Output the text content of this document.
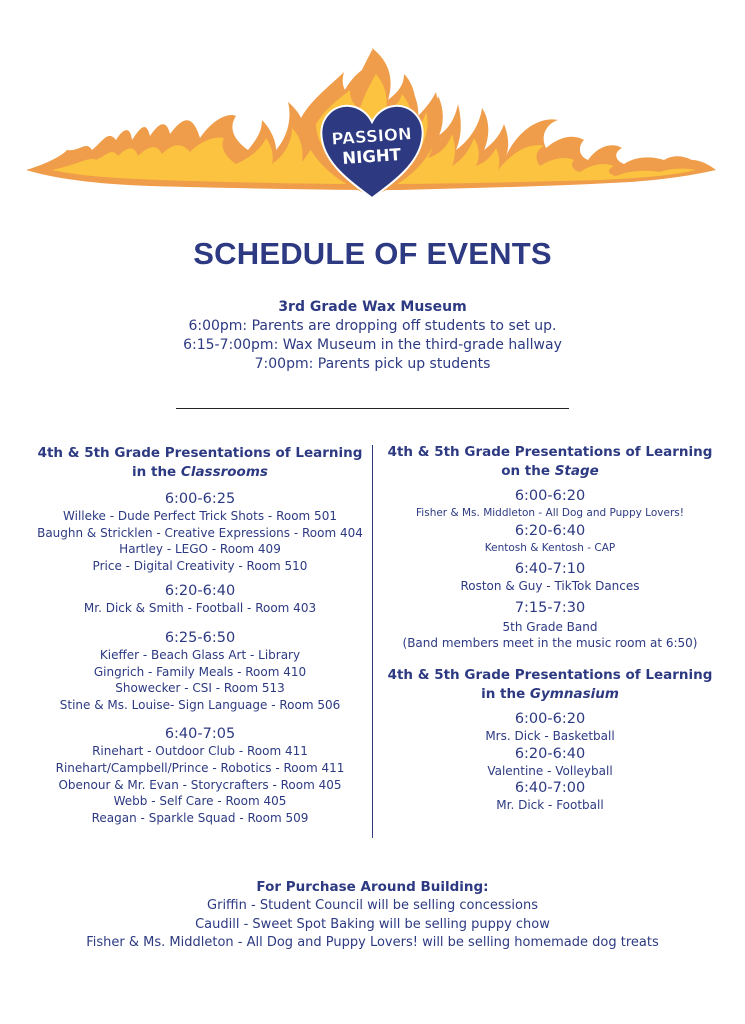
PASSION
NIGHT
SCHEDULE OF EVENTS
3rd Grade Wax Museum
6:00pm: Parents are dropping off students to set up.
6:15-7:00pm: Wax Museum in the third-grade hallway
7:00pm: Parents pick up students
4th & 5th Grade Presentations of Learning
in the Classrooms
6:00-6:25
Willeke - Dude Perfect Trick Shots - Room 501
Baughn & Stricklen - Creative Expressions - Room 404
Hartley - LEGO - Room 409
Price - Digital Creativity - Room 510
6:20-6:40
Mr. Dick & Smith - Football - Room 403
6:25-6:50
Kieffer - Beach Glass Art - Library
Gingrich - Family Meals - Room 410
Showecker - CSI - Room 513
Stine & Ms. Louise- Sign Language - Room 506
6:40-7:05
Rinehart - Outdoor Club - Room 411
Rinehart/Campbell/Prince - Robotics - Room 411
Obenour & Mr. Evan - Storycrafters - Room 405
Webb - Self Care - Room 405
Reagan - Sparkle Squad - Room 509
4th & 5th Grade Presentations of Learning
on the Stage
6:00-6:20
Fisher & Ms. Middleton - All Dog and Puppy Lovers!
6:20-6:40
Kentosh & Kentosh - CAP
6:40-7:10
Roston & Guy - TikTok Dances
7:15-7:30
5th Grade Band
(Band members meet in the music room at 6:50)
4th & 5th Grade Presentations of Learning
in the Gymnasium
6:00-6:20
Mrs. Dick - Basketball
6:20-6:40
Valentine - Volleyball
6:40-7:00
Mr. Dick - Football
For Purchase Around Building:
Griffin - Student Council will be selling concessions
Caudill - Sweet Spot Baking will be selling puppy chow
Fisher & Ms. Middleton - All Dog and Puppy Lovers! will be selling homemade dog treats
